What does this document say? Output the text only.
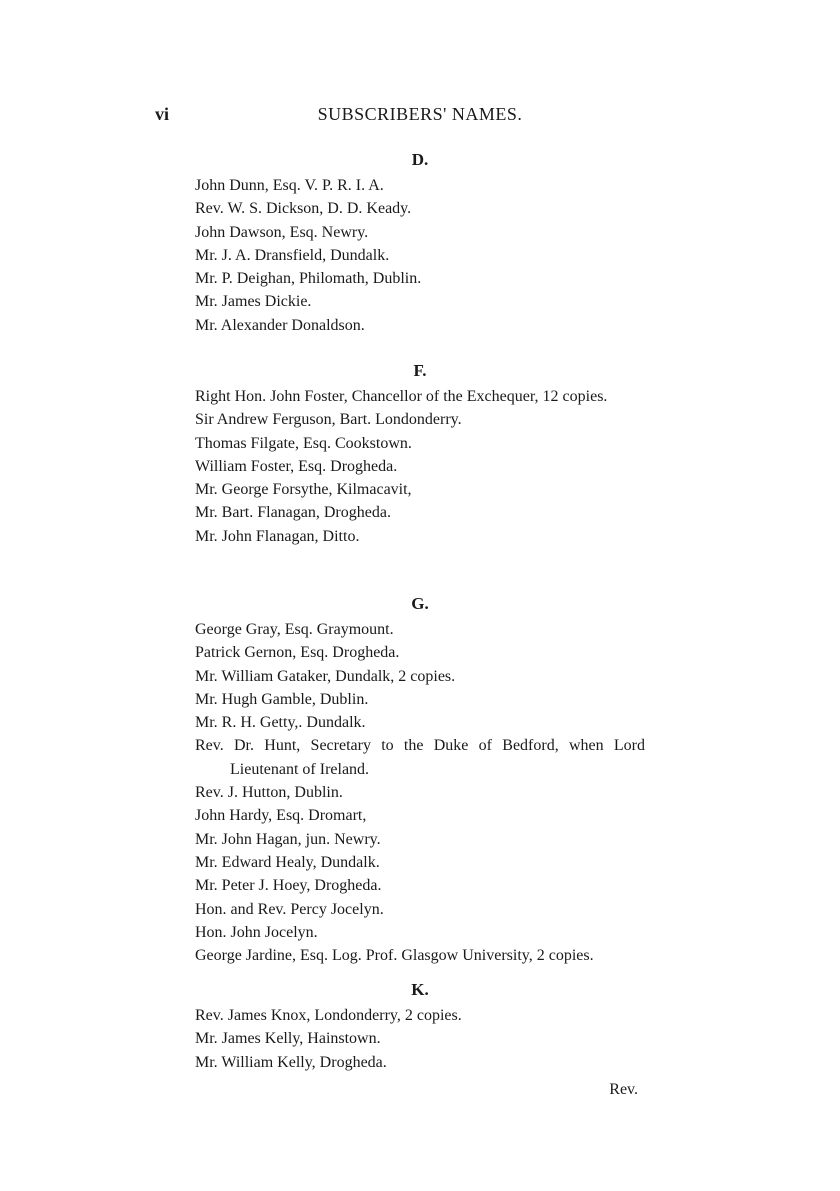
vi	SUBSCRIBERS' NAMES.
D.
John Dunn, Esq. V. P. R. I. A.
Rev. W. S. Dickson, D. D. Keady.
John Dawson, Esq. Newry.
Mr. J. A. Dransfield, Dundalk.
Mr. P. Deighan, Philomath, Dublin.
Mr. James Dickie.
Mr. Alexander Donaldson.
F.
Right Hon. John Foster, Chancellor of the Exchequer, 12 copies.
Sir Andrew Ferguson, Bart. Londonderry.
Thomas Filgate, Esq. Cookstown.
William Foster, Esq. Drogheda.
Mr. George Forsythe, Kilmacavit,
Mr. Bart. Flanagan, Drogheda.
Mr. John Flanagan, Ditto.
G.
George Gray, Esq. Graymount.
Patrick Gernon, Esq. Drogheda.
Mr. William Gataker, Dundalk, 2 copies.
Mr. Hugh Gamble, Dublin.
Mr. R. H. Getty,. Dundalk.
Rev. Dr. Hunt, Secretary to the Duke of Bedford, when Lord Lieutenant of Ireland.
Rev. J. Hutton, Dublin.
John Hardy, Esq. Dromart,
Mr. John Hagan, jun. Newry.
Mr. Edward Healy, Dundalk.
Mr. Peter J. Hoey, Drogheda.
Hon. and Rev. Percy Jocelyn.
Hon. John Jocelyn.
George Jardine, Esq. Log. Prof. Glasgow University, 2 copies.
K.
Rev. James Knox, Londonderry, 2 copies.
Mr. James Kelly, Hainstown.
Mr. William Kelly, Drogheda.
Rev.
